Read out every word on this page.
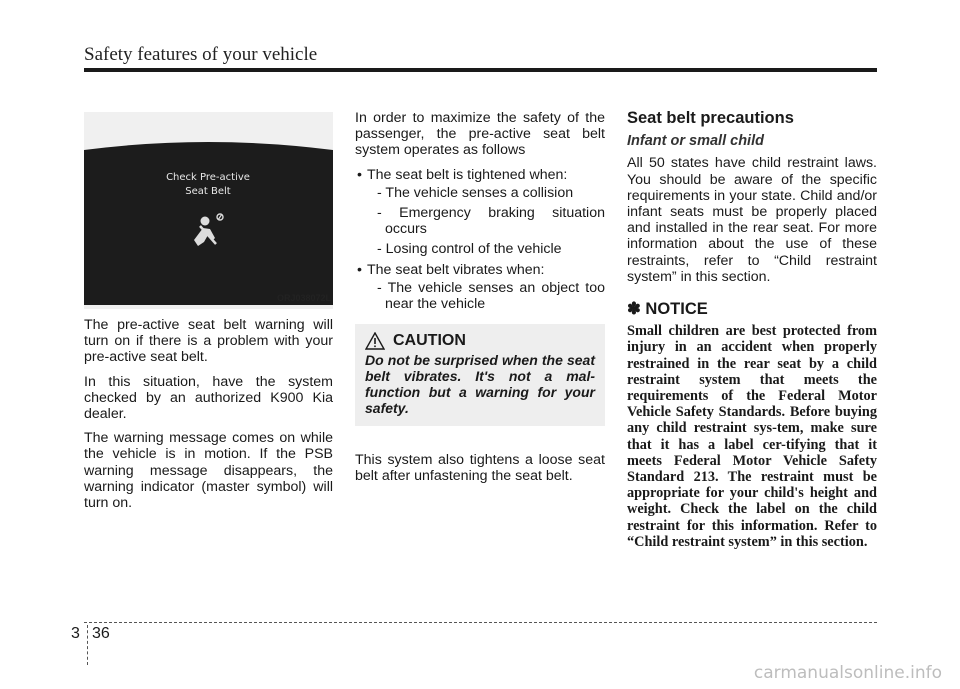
Safety features of your vehicle
Check Pre-active
Seat Belt
ORJ038072L

The pre-active seat belt warning will turn on if there is a problem with your pre-active seat belt.

In this situation, have the system checked by an authorized K900 Kia dealer.

The warning message comes on while the vehicle is in motion. If the PSB warning message disappears, the warning indicator (master symbol) will turn on.

In order to maximize the safety of the passenger, the pre-active seat belt system operates as follows

• The seat belt is tightened when:
- The vehicle senses a collision
- Emergency braking situation occurs
- Losing control of the vehicle
• The seat belt vibrates when:
- The vehicle senses an object too near the vehicle
CAUTION
Do not be surprised when the seat belt vibrates. It's not a mal-function but a warning for your safety.

This system also tightens a loose seat belt after unfastening the seat belt.

Seat belt precautions
Infant or small child

All 50 states have child restraint laws. You should be aware of the specific requirements in your state. Child and/or infant seats must be properly placed and installed in the rear seat. For more information about the use of these restraints, refer to “Child restraint system” in this section.

✽ NOTICE
Small children are best protected from injury in an accident when properly restrained in the rear seat by a child restraint system that meets the requirements of the Federal Motor Vehicle Safety Standards. Before buying any child restraint sys-tem, make sure that it has a label cer-tifying that it meets Federal Motor Vehicle Safety Standard 213. The restraint must be appropriate for your child's height and weight. Check the label on the child restraint for this information. Refer to “Child restraint system” in this section.
3 36
carmanualsonline.info
